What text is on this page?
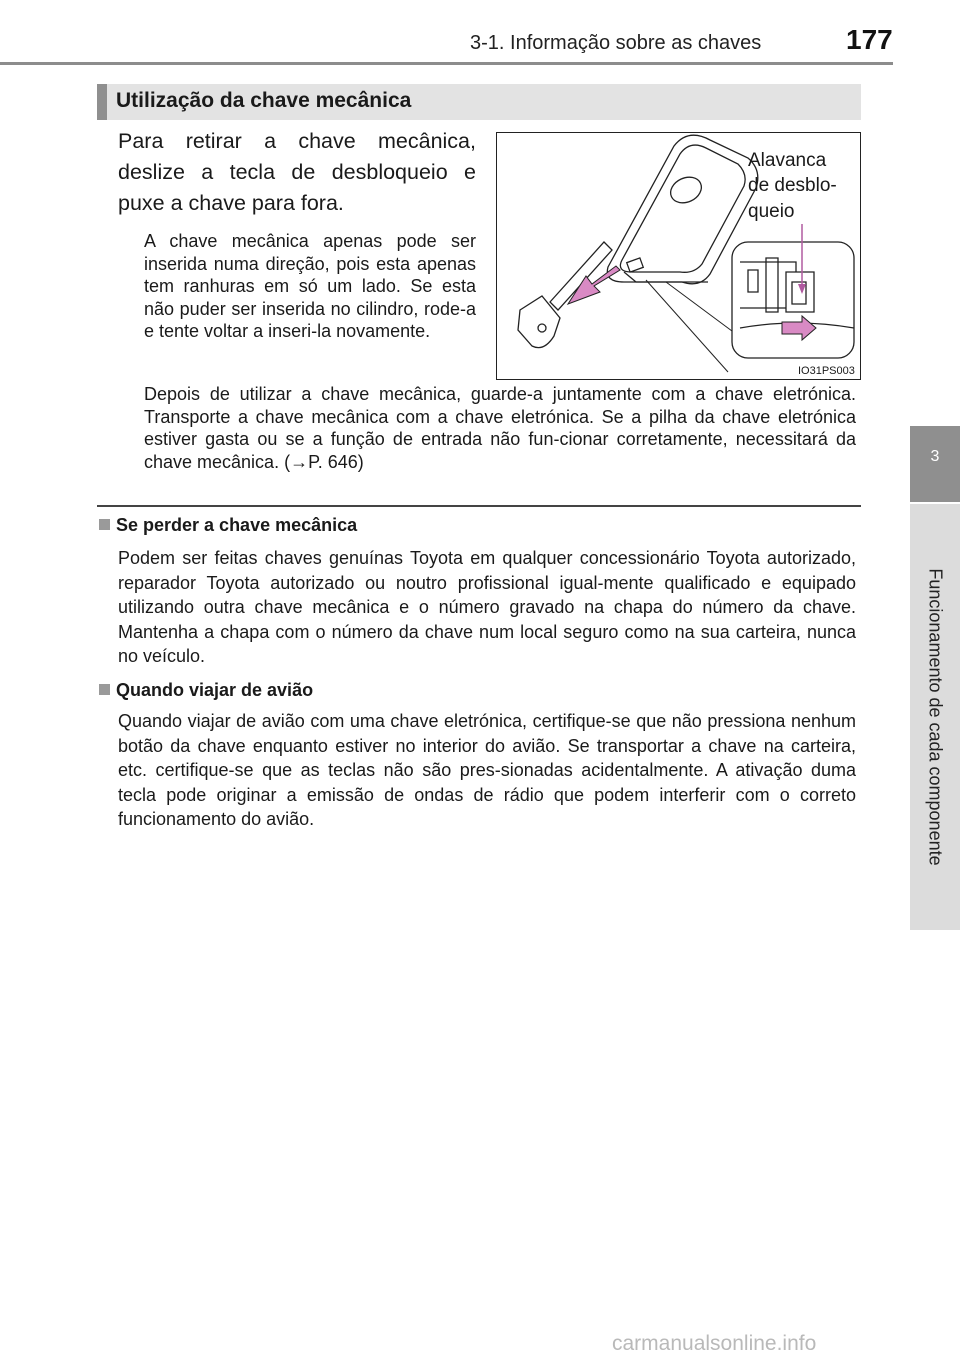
3-1. Informação sobre as chaves	177
3
Funcionamento de cada componente
Utilização da chave mecânica
Para retirar a chave mecânica, deslize a tecla de desbloqueio e puxe a chave para fora.
A chave mecânica apenas pode ser inserida numa direção, pois esta apenas tem ranhuras em só um lado. Se esta não puder ser inserida no cilindro, rode-a e tente voltar a inseri-la novamente.
Depois de utilizar a chave mecânica, guarde-a juntamente com a chave eletrónica. Transporte a chave mecânica com a chave eletrónica. Se a pilha da chave eletrónica estiver gasta ou se a função de entrada não fun-cionar corretamente, necessitará da chave mecânica. (→P. 646)
Alavanca
de desblo-
queio
IO31PS003
Se perder a chave mecânica
Podem ser feitas chaves genuínas Toyota em qualquer concessionário Toyota autorizado, reparador Toyota autorizado ou noutro profissional igual-mente qualificado e equipado utilizando outra chave mecânica e o número gravado na chapa do número da chave. Mantenha a chapa com o número da chave num local seguro como na sua carteira, nunca no veículo.
Quando viajar de avião
Quando viajar de avião com uma chave eletrónica, certifique-se que não pressiona nenhum botão da chave enquanto estiver no interior do avião. Se transportar a chave na carteira, etc. certifique-se que as teclas não são pres-sionadas acidentalmente. A ativação duma tecla pode originar a emissão de ondas de rádio que podem interferir com o correto funcionamento do avião.
carmanualsonline.info
